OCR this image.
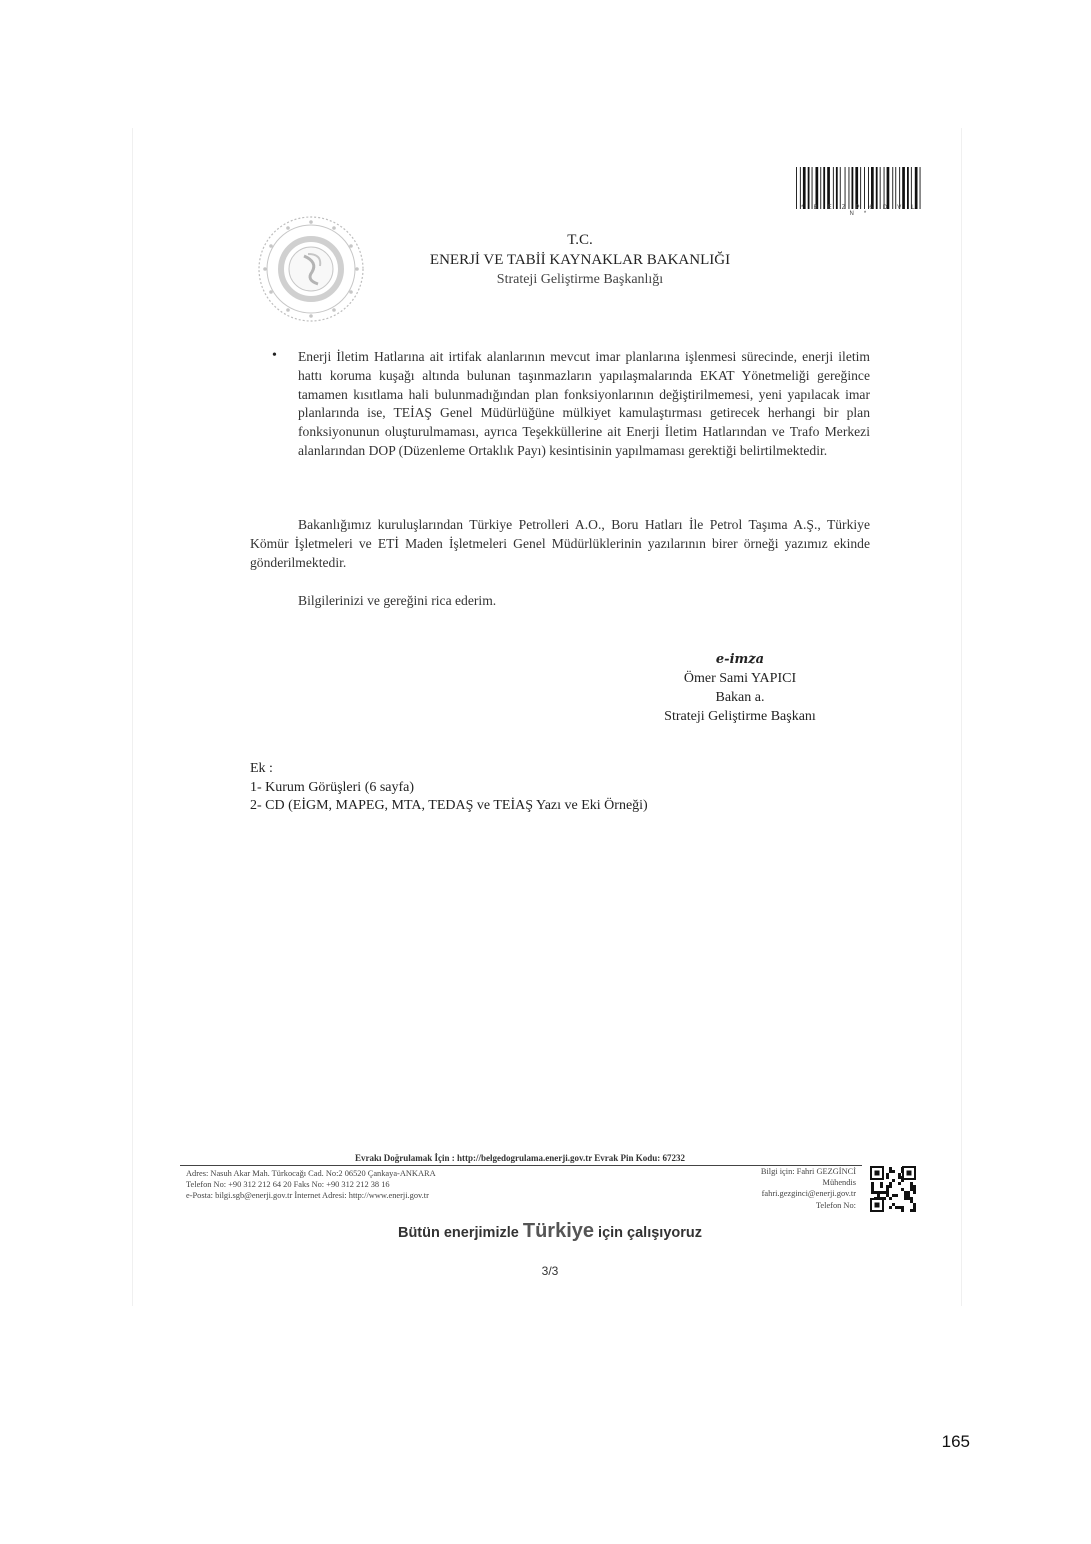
* B E Z P 6 D V L N *
T.C.
ENERJİ VE TABİİ KAYNAKLAR BAKANLIĞI
Strateji Geliştirme Başkanlığı
• Enerji İletim Hatlarına ait irtifak alanlarının mevcut imar planlarına işlenmesi sürecinde, enerji iletim hattı koruma kuşağı altında bulunan taşınmazların yapılaşmalarında EKAT Yönetmeliği gereğince tamamen kısıtlama hali bulunmadığından plan fonksiyonlarının değiştirilmemesi, yeni yapılacak imar planlarında ise, TEİAŞ Genel Müdürlüğüne mülkiyet kamulaştırması getirecek herhangi bir plan fonksiyonunun oluşturulmaması, ayrıca Teşekküllerine ait Enerji İletim Hatlarından ve Trafo Merkezi alanlarından DOP (Düzenleme Ortaklık Payı) kesintisinin yapılmaması gerektiği belirtilmektedir.
Bakanlığımız kuruluşlarından Türkiye Petrolleri A.O., Boru Hatları İle Petrol Taşıma A.Ş., Türkiye Kömür İşletmeleri ve ETİ Maden İşletmeleri Genel Müdürlüklerinin yazılarının birer örneği yazımız ekinde gönderilmektedir.
Bilgilerinizi ve gereğini rica ederim.
e-imza
Ömer Sami YAPICI
Bakan a.
Strateji Geliştirme Başkanı
Ek :
1- Kurum Görüşleri (6 sayfa)
2- CD (EİGM, MAPEG, MTA, TEDAŞ ve TEİAŞ Yazı ve Eki Örneği)
Evrakı Doğrulamak İçin : http://belgedogrulama.enerji.gov.tr Evrak Pin Kodu: 67232
Adres: Nasuh Akar Mah. Türkocağı Cad. No:2 06520 Çankaya-ANKARA
Telefon No: +90 312 212 64 20 Faks No: +90 312 212 38 16
e-Posta: bilgi.sgb@enerji.gov.tr İnternet Adresi: http://www.enerji.gov.tr
Bilgi için: Fahri GEZGİNCİ
Mühendis
fahri.gezginci@enerji.gov.tr
Telefon No:
Bütün enerjimizle Türkiye için çalışıyoruz
3/3
165
